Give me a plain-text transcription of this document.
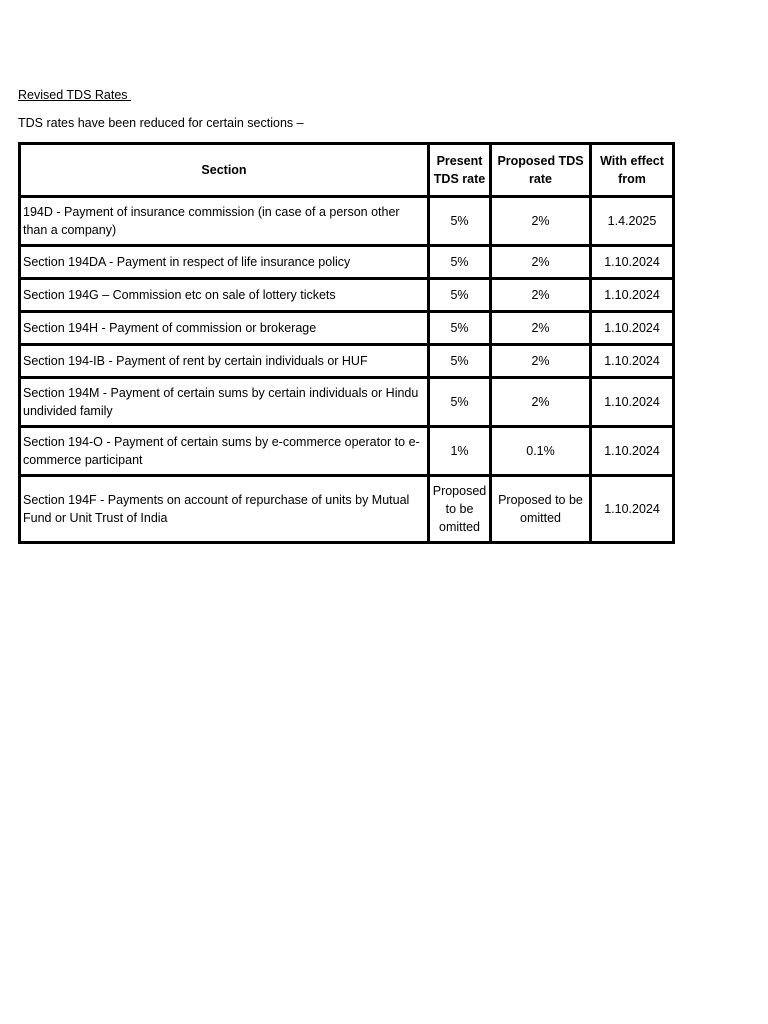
Revised TDS Rates
TDS rates have been reduced for certain sections –
Section	Present TDS rate	Proposed TDS rate	With effect from
194D - Payment of insurance commission (in case of a person other than a company)	5%	2%	1.4.2025
Section 194DA - Payment in respect of life insurance policy	5%	2%	1.10.2024
Section 194G – Commission etc on sale of lottery tickets	5%	2%	1.10.2024
Section 194H - Payment of commission or brokerage	5%	2%	1.10.2024
Section 194-IB - Payment of rent by certain individuals or HUF	5%	2%	1.10.2024
Section 194M - Payment of certain sums by certain individuals or Hindu undivided family	5%	2%	1.10.2024
Section 194-O - Payment of certain sums by e-commerce operator to e-commerce participant	1%	0.1%	1.10.2024
Section 194F - Payments on account of repurchase of units by Mutual Fund or Unit Trust of India	Proposed to be omitted	Proposed to be omitted	1.10.2024
